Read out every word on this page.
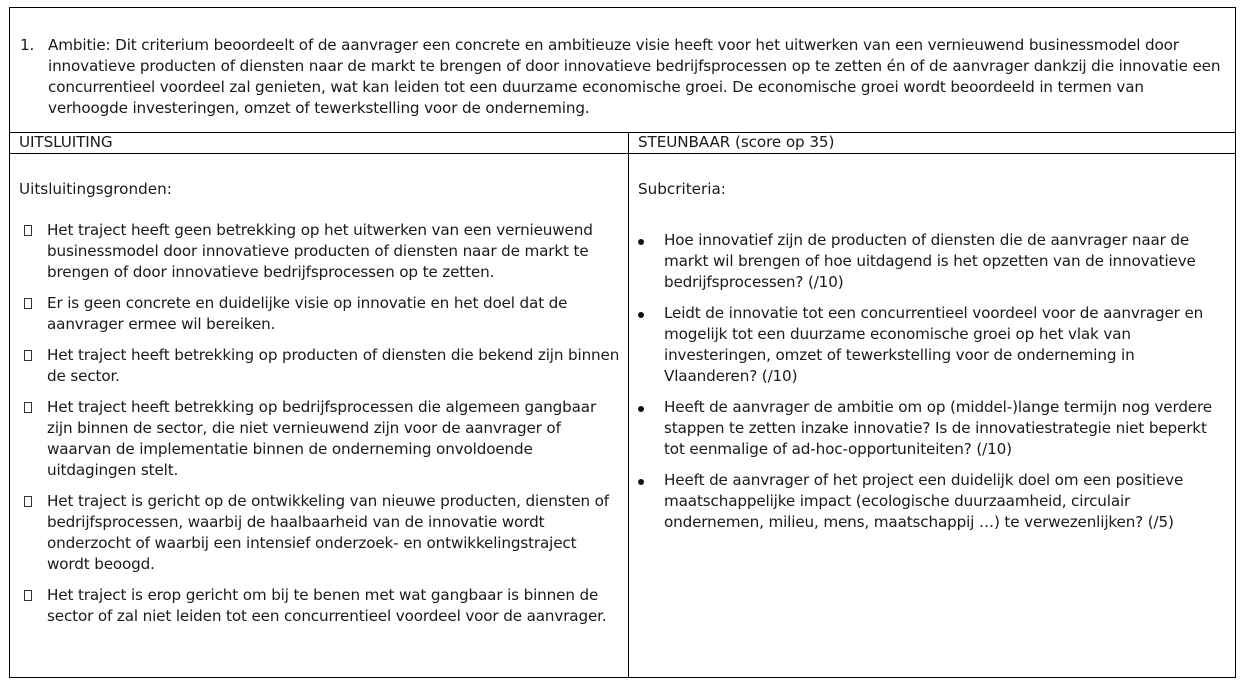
1. Ambitie: Dit criterium beoordeelt of de aanvrager een concrete en ambitieuze visie heeft voor het uitwerken van een vernieuwend businessmodel door innovatieve producten of diensten naar de markt te brengen of door innovatieve bedrijfsprocessen op te zetten én of de aanvrager dankzij die innovatie een concurrentieel voordeel zal genieten, wat kan leiden tot een duurzame economische groei. De economische groei wordt beoordeeld in termen van verhoogde investeringen, omzet of tewerkstelling voor de onderneming.
UITSLUITING
Uitsluitingsgronden:
Het traject heeft geen betrekking op het uitwerken van een vernieuwend businessmodel door innovatieve producten of diensten naar de markt te brengen of door innovatieve bedrijfsprocessen op te zetten.
Er is geen concrete en duidelijke visie op innovatie en het doel dat de aanvrager ermee wil bereiken.
Het traject heeft betrekking op producten of diensten die bekend zijn binnen de sector.
Het traject heeft betrekking op bedrijfsprocessen die algemeen gangbaar zijn binnen de sector, die niet vernieuwend zijn voor de aanvrager of waarvan de implementatie binnen de onderneming onvoldoende uitdagingen stelt.
Het traject is gericht op de ontwikkeling van nieuwe producten, diensten of bedrijfsprocessen, waarbij de haalbaarheid van de innovatie wordt onderzocht of waarbij een intensief onderzoek- en ontwikkelingstraject wordt beoogd.
Het traject is erop gericht om bij te benen met wat gangbaar is binnen de sector of zal niet leiden tot een concurrentieel voordeel voor de aanvrager.
STEUNBAAR (score op 35)
Subcriteria:
Hoe innovatief zijn de producten of diensten die de aanvrager naar de markt wil brengen of hoe uitdagend is het opzetten van de innovatieve bedrijfsprocessen? (/10)
Leidt de innovatie tot een concurrentieel voordeel voor de aanvrager en mogelijk tot een duurzame economische groei op het vlak van investeringen, omzet of tewerkstelling voor de onderneming in Vlaanderen? (/10)
Heeft de aanvrager de ambitie om op (middel-)lange termijn nog verdere stappen te zetten inzake innovatie? Is de innovatiestrategie niet beperkt tot eenmalige of ad-hoc-opportuniteiten? (/10)
Heeft de aanvrager of het project een duidelijk doel om een positieve maatschappelijke impact (ecologische duurzaamheid, circulair ondernemen, milieu, mens, maatschappij …) te verwezenlijken? (/5)
